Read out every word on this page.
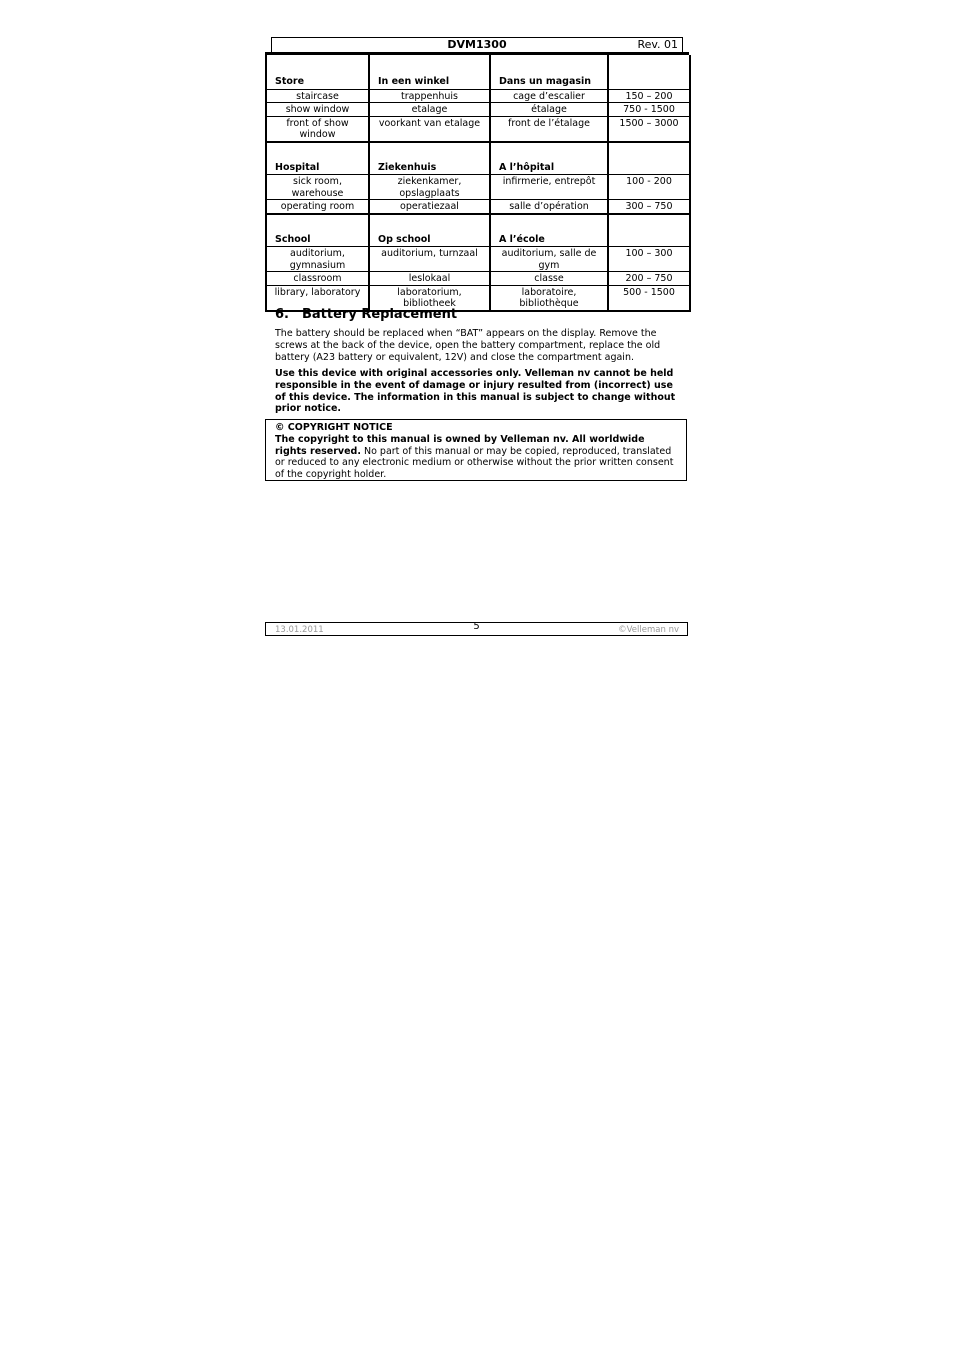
DVM1300	Rev. 01
Store	In een winkel	Dans un magasin	
staircase	trappenhuis	cage d’escalier	150 – 200
show window	etalage	étalage	750 - 1500
front of show window	voorkant van etalage	front de l’étalage	1500 – 3000
Hospital	Ziekenhuis	A l’hôpital	
sick room, warehouse	ziekenkamer, opslagplaats	infirmerie, entrepôt	100 - 200
operating room	operatiezaal	salle d’opération	300 – 750
School	Op school	A l’école	
auditorium, gymnasium	auditorium, turnzaal	auditorium, salle de gym	100 – 300
classroom	leslokaal	classe	200 – 750
library, laboratory	laboratorium, bibliotheek	laboratoire, bibliothèque	500 - 1500
6. Battery Replacement

The battery should be replaced when “BAT” appears on the display. Remove the screws at the back of the device, open the battery compartment, replace the old battery (A23 battery or equivalent, 12V) and close the compartment again.

Use this device with original accessories only. Velleman nv cannot be held responsible in the event of damage or injury resulted from (incorrect) use of this device. The information in this manual is subject to change without prior notice.

© COPYRIGHT NOTICE
The copyright to this manual is owned by Velleman nv. All worldwide rights reserved. No part of this manual or may be copied, reproduced, translated or reduced to any electronic medium or otherwise without the prior written consent of the copyright holder.
13.01.2011	5	©Velleman nv
